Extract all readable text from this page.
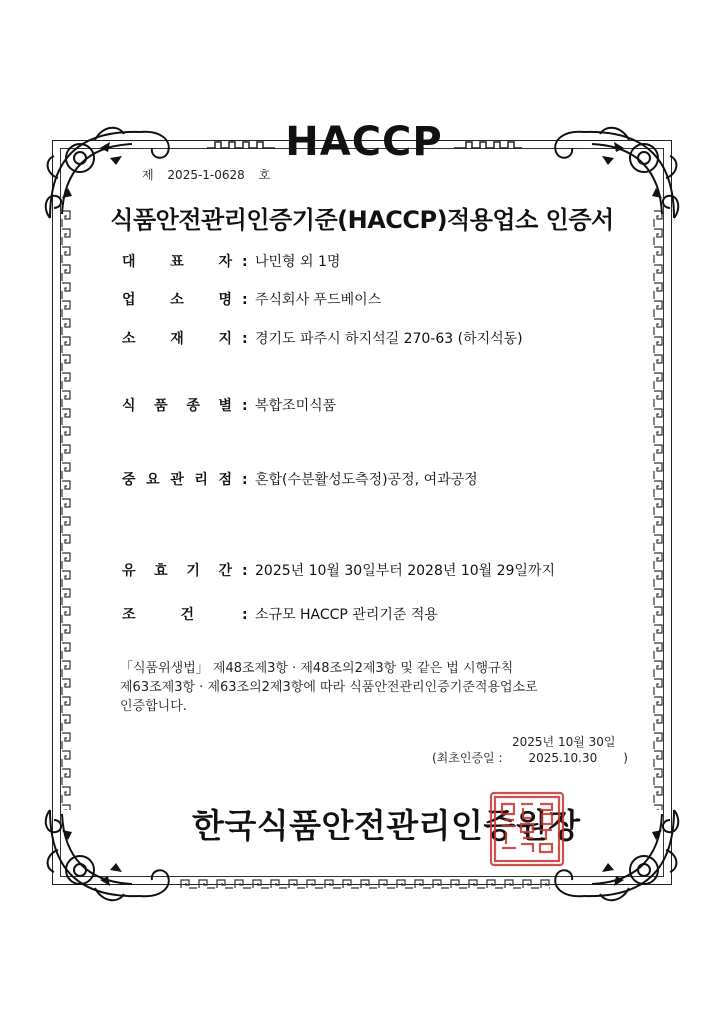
HACCP
제 2025-1-0628 호
식품안전관리인증기준(HACCP)적용업소 인증서
대 표 자 : 나민형 외 1명
업 소 명 : 주식회사 푸드베이스
소 재 지 : 경기도 파주시 하지석길 270-63 (하지석동)
식 품 종 별 : 복합조미식품
중 요 관 리 점 : 혼합(수분활성도측정)공정, 여과공정
유 효 기 간 : 2025년 10월 30일부터 2028년 10월 29일까지
조	건	: 소규모 HACCP 관리기준 적용
「식품위생법」 제48조제3항 · 제48조의2제3항 및 같은 법 시행규칙
제63조제3항 · 제63조의2제3항에 따라 식품안전관리인증기준적용업소로
인증합니다.
2025년 10월 30일
(최초인증일 : 2025.10.30 )
한국식품안전관리인증원장
